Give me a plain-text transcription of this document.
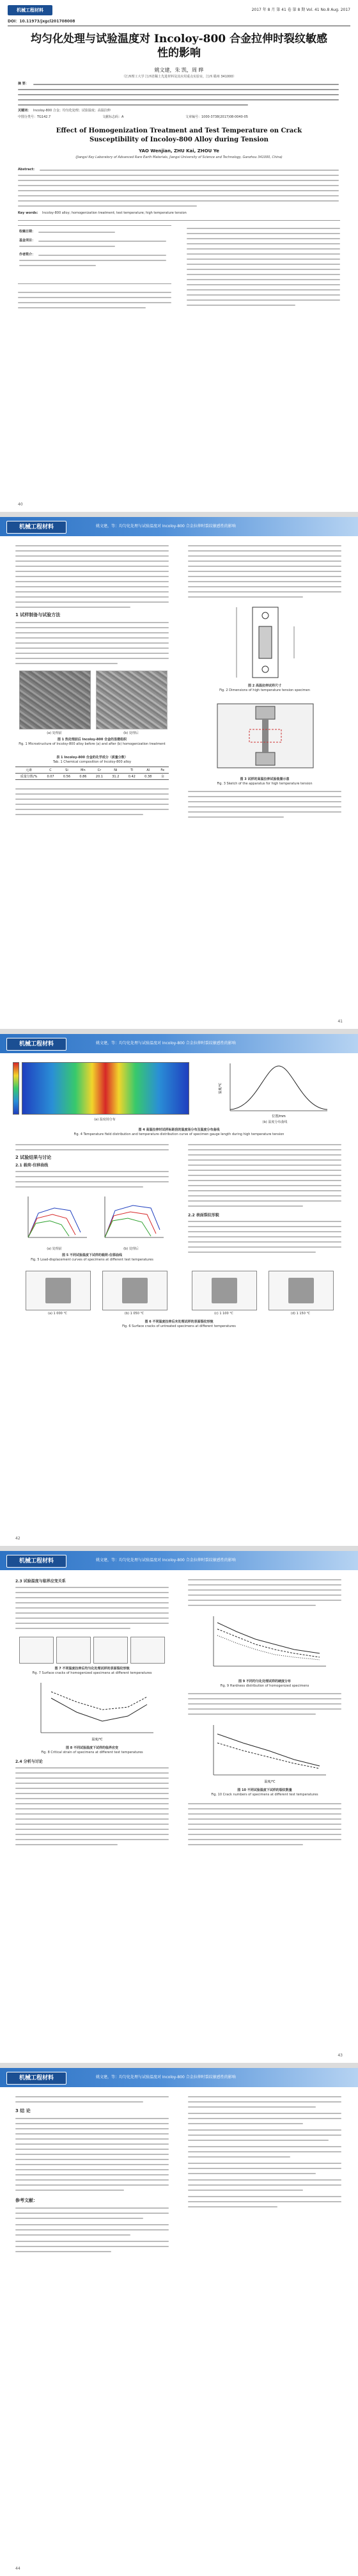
机械工程材料	2017 年 8 月 第 41 卷 第 8 期 Vol. 41 No.8 Aug. 2017
DOI：10.11973/jxgcl201708008
均匀化处理与试验温度对 Incoloy-800 合金拉伸时裂纹敏感性的影响
姚文建，朱 凯，周 晔
（江西理工大学 江西省稀土先进材料及其应用重点实验室，江西 赣州 341000）
摘 要：
关键词： Incoloy-800 合金；均匀化处理；试验温度；高温拉伸
中图分类号：TG142.7	文献标志码：A	文章编号：1000-3738(2017)08-0040-05
Effect of Homogenization Treatment and Test Temperature on Crack Susceptibility of Incoloy-800 Alloy during Tension
YAO Wenjian, ZHU Kai, ZHOU Ye
(Jiangxi Key Laboratory of Advanced Rare Earth Materials, Jiangxi University of Science and Technology, Ganzhou 341000, China)
Abstract:
Key words: Incoloy-800 alloy; homogenization treatment; test temperature; high temperature tension
收稿日期：
基金项目：
作者简介：
40
机械工程材料	姚文建，等：均匀化处理与试验温度对 Incoloy-800 合金拉伸时裂纹敏感性的影响
1 试样制备与试验方法
(a) 处理前	(b) 处理后
图 1 热处理前后 Incoloy-800 合金的显微组织
Fig. 1 Microstructure of Incoloy-800 alloy before (a) and after (b) homogenization treatment
表 1 Incoloy-800 合金的化学成分（质量分数）
Tab. 1 Chemical composition of Incoloy-800 alloy
元素	C	Si	Mn	Cr	Ni	Ti	Al	Fe
质量分数/%	0.07	0.56	0.86	20.1	31.2	0.42	0.38	余
图 2 高温拉伸试样尺寸
Fig. 2 Dimensions of high temperature tension specimen
图 3 试样的高温拉伸试验装置示意
Fig. 3 Sketch of the apparatus for high temperature tension
41
机械工程材料	姚文建，等：均匀化处理与试验温度对 Incoloy-800 合金拉伸时裂纹敏感性的影响
(a) 温度场分布
位置/mm
温度/℃
(b) 温度分布曲线
图 4 高温拉伸时试样标距段的温度场分布及温度分布曲线
Fig. 4 Temperature field distribution and temperature distribution curve of specimen gauge length during high temperature tension
2 试验结果与讨论
2.1 载荷-位移曲线
(a) 处理前	(b) 处理后
图 5 不同试验温度下试样的载荷-位移曲线
Fig. 5 Load-displacement curves of specimens at different test temperatures
2.2 表面裂纹形貌
(a) 1 000 ℃	(b) 1 050 ℃	(c) 1 100 ℃	(d) 1 150 ℃
图 6 不同温度拉伸后未处理试样的表面裂纹形貌
Fig. 6 Surface cracks of untreated specimens at different temperatures
42
机械工程材料	姚文建，等：均匀化处理与试验温度对 Incoloy-800 合金拉伸时裂纹敏感性的影响
2.3 试验温度与临界应变关系
图 7 不同温度拉伸后均匀化处理试样的表面裂纹形貌
Fig. 7 Surface cracks of homogenized specimens at different temperatures
温度/℃
图 8 不同试验温度下试样的临界应变
Fig. 8 Critical strain of specimens at different test temperatures
2.4 分析与讨论
图 9 不同均匀化处理试样的硬度分布
Fig. 9 Hardness distribution of homogenized specimens
温度/℃
图 10 不同试验温度下试样的裂纹数量
Fig. 10 Crack numbers of specimens at different test temperatures
43
机械工程材料	姚文建，等：均匀化处理与试验温度对 Incoloy-800 合金拉伸时裂纹敏感性的影响
3 结 论
参考文献：
44
